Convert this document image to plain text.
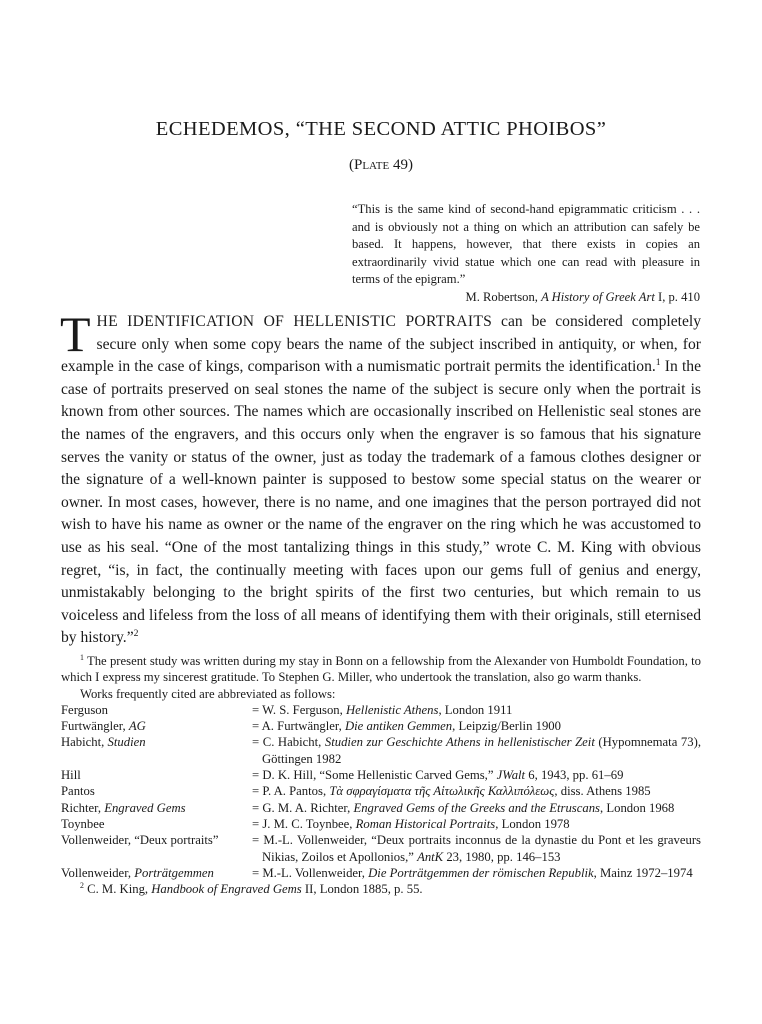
ECHEDEMOS, “THE SECOND ATTIC PHOIBOS”
(Plate 49)

“This is the same kind of second-hand epigrammatic criticism . . . and is obviously not a thing on which an attribution can safely be based. It happens, however, that there exists in copies an extraordinarily vivid statue which one can read with pleasure in terms of the epigram.”

M. Robertson, A History of Greek Art I, p. 410

THE IDENTIFICATION OF HELLENISTIC PORTRAITS can be considered completely secure only when some copy bears the name of the subject inscribed in antiquity, or when, for example in the case of kings, comparison with a numismatic portrait permits the identification.$^1$ In the case of portraits preserved on seal stones the name of the subject is secure only when the portrait is known from other sources. The names which are occasionally inscribed on Hellenistic seal stones are the names of the engravers, and this occurs only when the engraver is so famous that his signature serves the vanity or status of the owner, just as today the trademark of a famous clothes designer or the signature of a well-known painter is supposed to bestow some special status on the wearer or owner. In most cases, however, there is no name, and one imagines that the person portrayed did not wish to have his name as owner or the name of the engraver on the ring which he was accustomed to use as his seal. “One of the most tantalizing things in this study,” wrote C. M. King with obvious regret, “is, in fact, the continually meeting with faces upon our gems full of genius and energy, unmistakably belonging to the bright spirits of the first two centuries, but which remain to us voiceless and lifeless from the loss of all means of identifying them with their originals, still eternised by history.”$^2$

$^1$ The present study was written during my stay in Bonn on a fellowship from the Alexander von Humboldt Foundation, to which I express my sincerest gratitude. To Stephen G. Miller, who undertook the translation, also go warm thanks.

Works frequently cited are abbreviated as follows:

Ferguson	= W. S. Ferguson, Hellenistic Athens, London 1911
Furtwängler, AG	= A. Furtwängler, Die antiken Gemmen, Leipzig/Berlin 1900
Habicht, Studien	= C. Habicht, Studien zur Geschichte Athens in hellenistischer Zeit (Hypomnemata 73), Göttingen 1982
Hill	= D. K. Hill, “Some Hellenistic Carved Gems,” JWalt 6, 1943, pp. 61–69
Pantos	= P. A. Pantos, Τὰ σφραγίσματα τῆς Αἰτωλικῆς Καλλιπόλεως, diss. Athens 1985
Richter, Engraved Gems	= G. M. A. Richter, Engraved Gems of the Greeks and the Etruscans, London 1968
Toynbee	= J. M. C. Toynbee, Roman Historical Portraits, London 1978
Vollenweider, “Deux portraits”	= M.-L. Vollenweider, “Deux portraits inconnus de la dynastie du Pont et les graveurs Nikias, Zoilos et Apollonios,” AntK 23, 1980, pp. 146–153
Vollenweider, Porträtgemmen	= M.-L. Vollenweider, Die Porträtgemmen der römischen Republik, Mainz 1972–1974

$^2$ C. M. King, Handbook of Engraved Gems II, London 1885, p. 55.
